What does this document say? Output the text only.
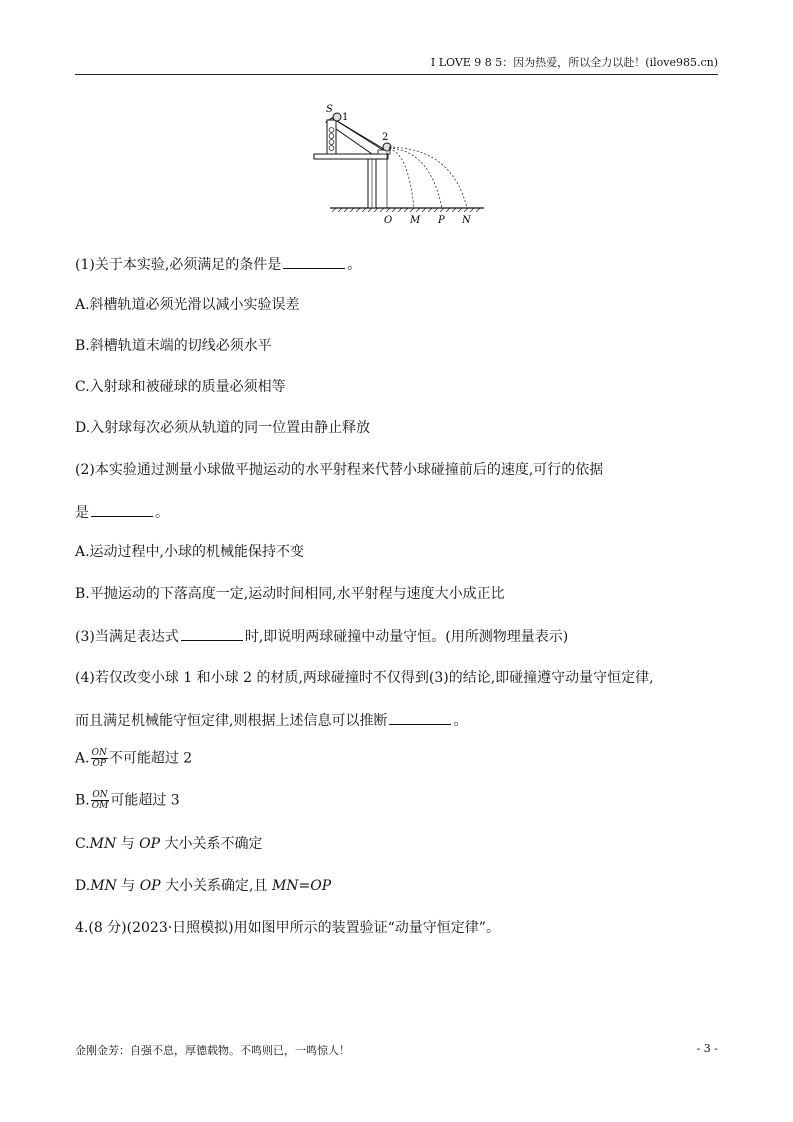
I LOVE 9 8 5：因为热爱，所以全力以赴！(ilove985.cn)
S
1
2
O M P N

(1)关于本实验,必须满足的条件是	。

A.斜槽轨道必须光滑以减小实验误差

B.斜槽轨道末端的切线必须水平

C.入射球和被碰球的质量必须相等

D.入射球每次必须从轨道的同一位置由静止释放

(2)本实验通过测量小球做平抛运动的水平射程来代替小球碰撞前后的速度,可行的依据

是	。

A.运动过程中,小球的机械能保持不变

B.平抛运动的下落高度一定,运动时间相同,水平射程与速度大小成正比

(3)当满足表达式	时,即说明两球碰撞中动量守恒。(用所测物理量表示)

(4)若仅改变小球 1 和小球 2 的材质,两球碰撞时不仅得到(3)的结论,即碰撞遵守动量守恒定律,

而且满足机械能守恒定律,则根据上述信息可以推断	。

A. $\frac{ON}{OP}$ 不可能超过 2

B. $\frac{ON}{OM}$ 可能超过 3

C.MN 与 OP 大小关系不确定

D.MN 与 OP 大小关系确定,且 MN=OP

4.(8 分)(2023·日照模拟)用如图甲所示的装置验证“动量守恒定律”。

金刚金芳：自强不息，厚德载物。不鸣则已，一鸣惊人！	- 3 -
